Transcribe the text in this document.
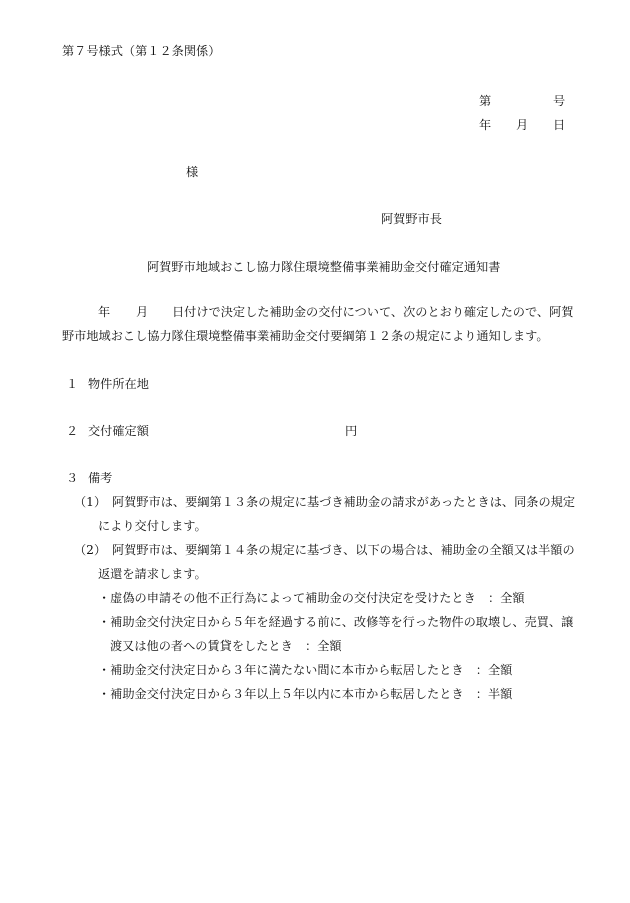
第７号様式（第１２条関係）
第	号
年 月 日
様
阿賀野市長
阿賀野市地域おこし協力隊住環境整備事業補助金交付確定通知書
年 月 日付けで決定した補助金の交付について、次のとおり確定したので、阿賀
野市地域おこし協力隊住環境整備事業補助金交付要綱第１２条の規定により通知します。
１ 物件所在地
２ 交付確定額	円
３ 備考
（1） 阿賀野市は、要綱第１３条の規定に基づき補助金の請求があったときは、同条の規定
により交付します。
（2） 阿賀野市は、要綱第１４条の規定に基づき、以下の場合は、補助金の全額又は半額の
返還を請求します。
・虚偽の申請その他不正行為によって補助金の交付決定を受けたとき　：全額
・補助金交付決定日から５年を経過する前に、改修等を行った物件の取壊し、売買、譲
渡又は他の者への賃貸をしたとき　：全額
・補助金交付決定日から３年に満たない間に本市から転居したとき　：全額
・補助金交付決定日から３年以上５年以内に本市から転居したとき　：半額
